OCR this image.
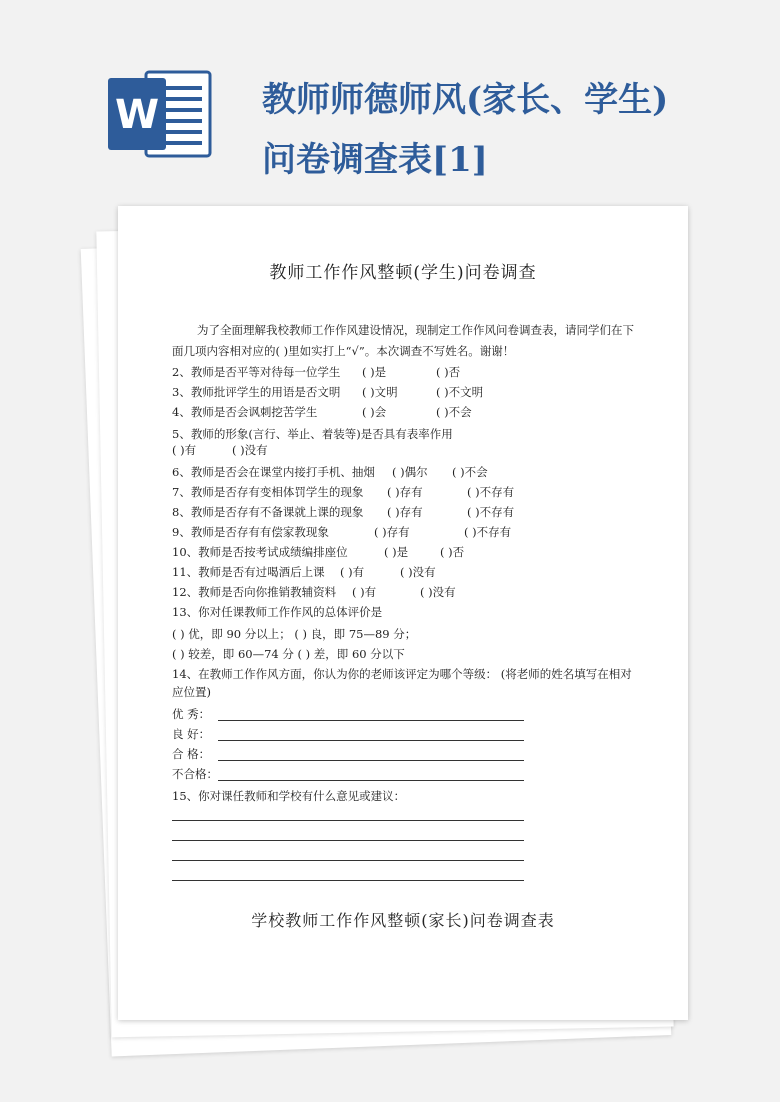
W	教师师德师风(家长、学生)
问卷调查表[1]
教师工作作风整顿(学生)问卷调查
为了全面理解我校教师工作作风建设情况，现制定工作作风问卷调查表，请同学们在下面几项内容相对应的( )里如实打上“√”。本次调查不写姓名。谢谢！
2、教师是否平等对待每一位学生 ( )是	( )否
3、教师批评学生的用语是否文明 ( )文明	( )不文明
4、教师是否会讽刺挖苦学生	( )会	( )不会
5、教师的形象(言行、举止、着装等)是否具有表率作用
( )有	( )没有
6、教师是否会在课堂内接打手机、抽烟 ( )偶尔 ( )不会
7、教师是否存有变相体罚学生的现象 ( )存有	( )不存有
8、教师是否存有不备课就上课的现象 ( )存有	( )不存有
9、教师是否存有有偿家教现象	( )存有	( )不存有
10、教师是否按考试成绩编排座位	( )是	( )否
11、教师是否有过喝酒后上课 ( )有	( )没有
12、教师是否向你推销教辅资料 ( )有	( )没有
13、你对任课教师工作作风的总体评价是
( ) 优，即 90 分以上； ( ) 良，即 75—89 分；
( ) 较差，即 60—74 分 ( ) 差，即 60 分以下
14、在教师工作作风方面，你认为你的老师该评定为哪个等级： (将老师的姓名填写在相对
应位置)
优 秀：
良 好：
合 格：
不合格：
15、你对课任教师和学校有什么意见或建议：
学校教师工作作风整顿(家长)问卷调查表
